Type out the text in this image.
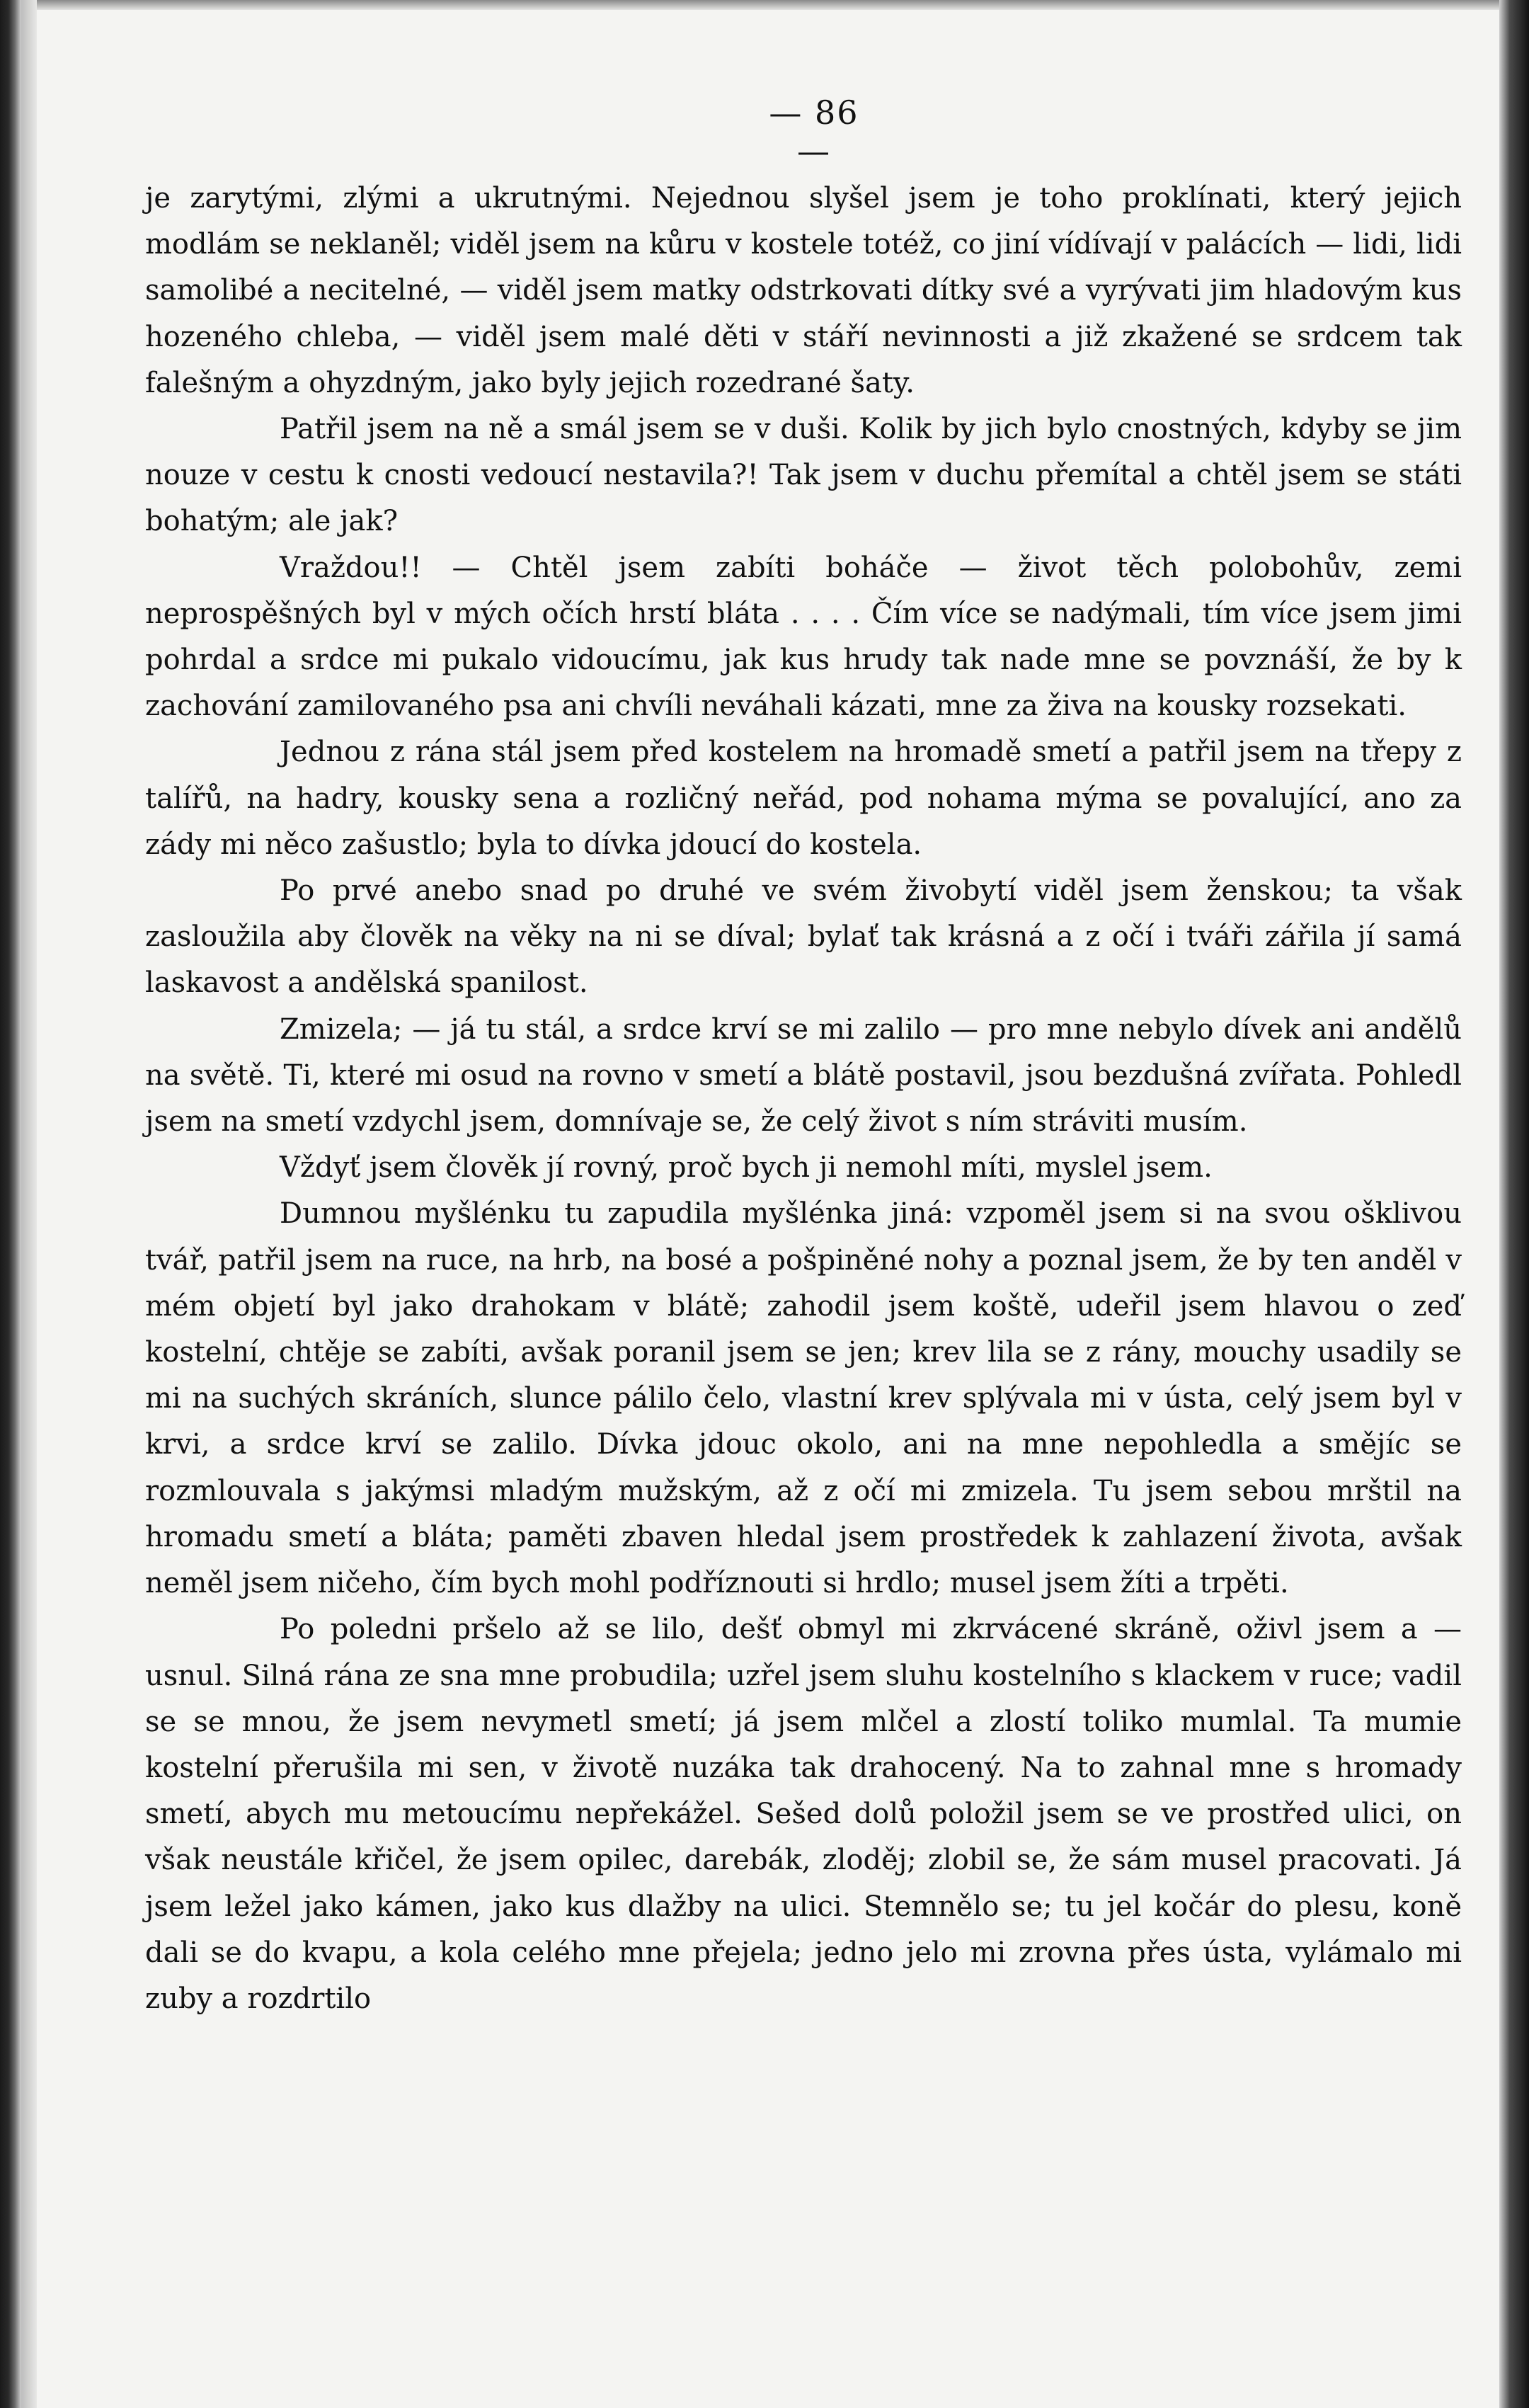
— 86 —

je zarytými, zlými a ukrutnými. Nejednou slyšel jsem je toho proklínati, který jejich modlám se neklaněl; viděl jsem na kůru v kostele totéž, co jiní vídívají v palácích — lidi, lidi samolibé a necitelné, — viděl jsem matky odstrkovati dítky své a vyrývati jim hladovým kus hozeného chleba, — viděl jsem malé děti v stáří nevinnosti a již zkažené se srdcem tak falešným a ohyzdným, jako byly jejich rozedrané šaty.

Patřil jsem na ně a smál jsem se v duši. Kolik by jich bylo cnostných, kdyby se jim nouze v cestu k cnosti vedoucí nestavila?! Tak jsem v duchu přemítal a chtěl jsem se státi bohatým; ale jak?

Vraždou!! — Chtěl jsem zabíti boháče — život těch polobohův, zemi neprospěšných byl v mých očích hrstí bláta . . . . Čím více se nadýmali, tím více jsem jimi pohrdal a srdce mi pukalo vidoucímu, jak kus hrudy tak nade mne se povznáší, že by k zachování zamilovaného psa ani chvíli neváhali kázati, mne za živa na kousky rozsekati.

Jednou z rána stál jsem před kostelem na hromadě smetí a patřil jsem na třepy z talířů, na hadry, kousky sena a rozličný neřád, pod nohama mýma se povalující, ano za zády mi něco zašustlo; byla to dívka jdoucí do kostela.

Po prvé anebo snad po druhé ve svém živobytí viděl jsem ženskou; ta však zasloužila aby člověk na věky na ni se díval; bylať tak krásná a z očí i tváři zářila jí samá laskavost a andělská spanilost.

Zmizela; — já tu stál, a srdce krví se mi zalilo — pro mne nebylo dívek ani andělů na světě. Ti, které mi osud na rovno v smetí a blátě postavil, jsou bezdušná zvířata. Pohledl jsem na smetí vzdychl jsem, domnívaje se, že celý život s ním stráviti musím.

Vždyť jsem člověk jí rovný, proč bych ji nemohl míti, myslel jsem.

Dumnou myšlénku tu zapudila myšlénka jiná: vzpoměl jsem si na svou ošklivou tvář, patřil jsem na ruce, na hrb, na bosé a pošpiněné nohy a poznal jsem, že by ten anděl v mém objetí byl jako drahokam v blátě; zahodil jsem koště, udeřil jsem hlavou o zeď kostelní, chtěje se zabíti, avšak poranil jsem se jen; krev lila se z rány, mouchy usadily se mi na suchých skráních, slunce pálilo čelo, vlastní krev splývala mi v ústa, celý jsem byl v krvi, a srdce krví se zalilo. Dívka jdouc okolo, ani na mne nepohledla a smějíc se rozmlouvala s jakýmsi mladým mužským, až z očí mi zmizela. Tu jsem sebou mrštil na hromadu smetí a bláta; paměti zbaven hledal jsem prostředek k zahlazení života, avšak neměl jsem ničeho, čím bych mohl podříznouti si hrdlo; musel jsem žíti a trpěti.

Po poledni pršelo až se lilo, dešť obmyl mi zkrvácené skráně, oživl jsem a — usnul. Silná rána ze sna mne probudila; uzřel jsem sluhu kostelního s klackem v ruce; vadil se se mnou, že jsem nevymetl smetí; já jsem mlčel a zlostí toliko mumlal. Ta mumie kostelní přerušila mi sen, v životě nuzáka tak drahocený. Na to zahnal mne s hromady smetí, abych mu metoucímu nepřekážel. Sešed dolů položil jsem se ve prostřed ulici, on však neustále křičel, že jsem opilec, darebák, zloděj; zlobil se, že sám musel pracovati. Já jsem ležel jako kámen, jako kus dlažby na ulici. Stemnělo se; tu jel kočár do plesu, koně dali se do kvapu, a kola celého mne přejela; jedno jelo mi zrovna přes ústa, vylámalo mi zuby a rozdrtilo
